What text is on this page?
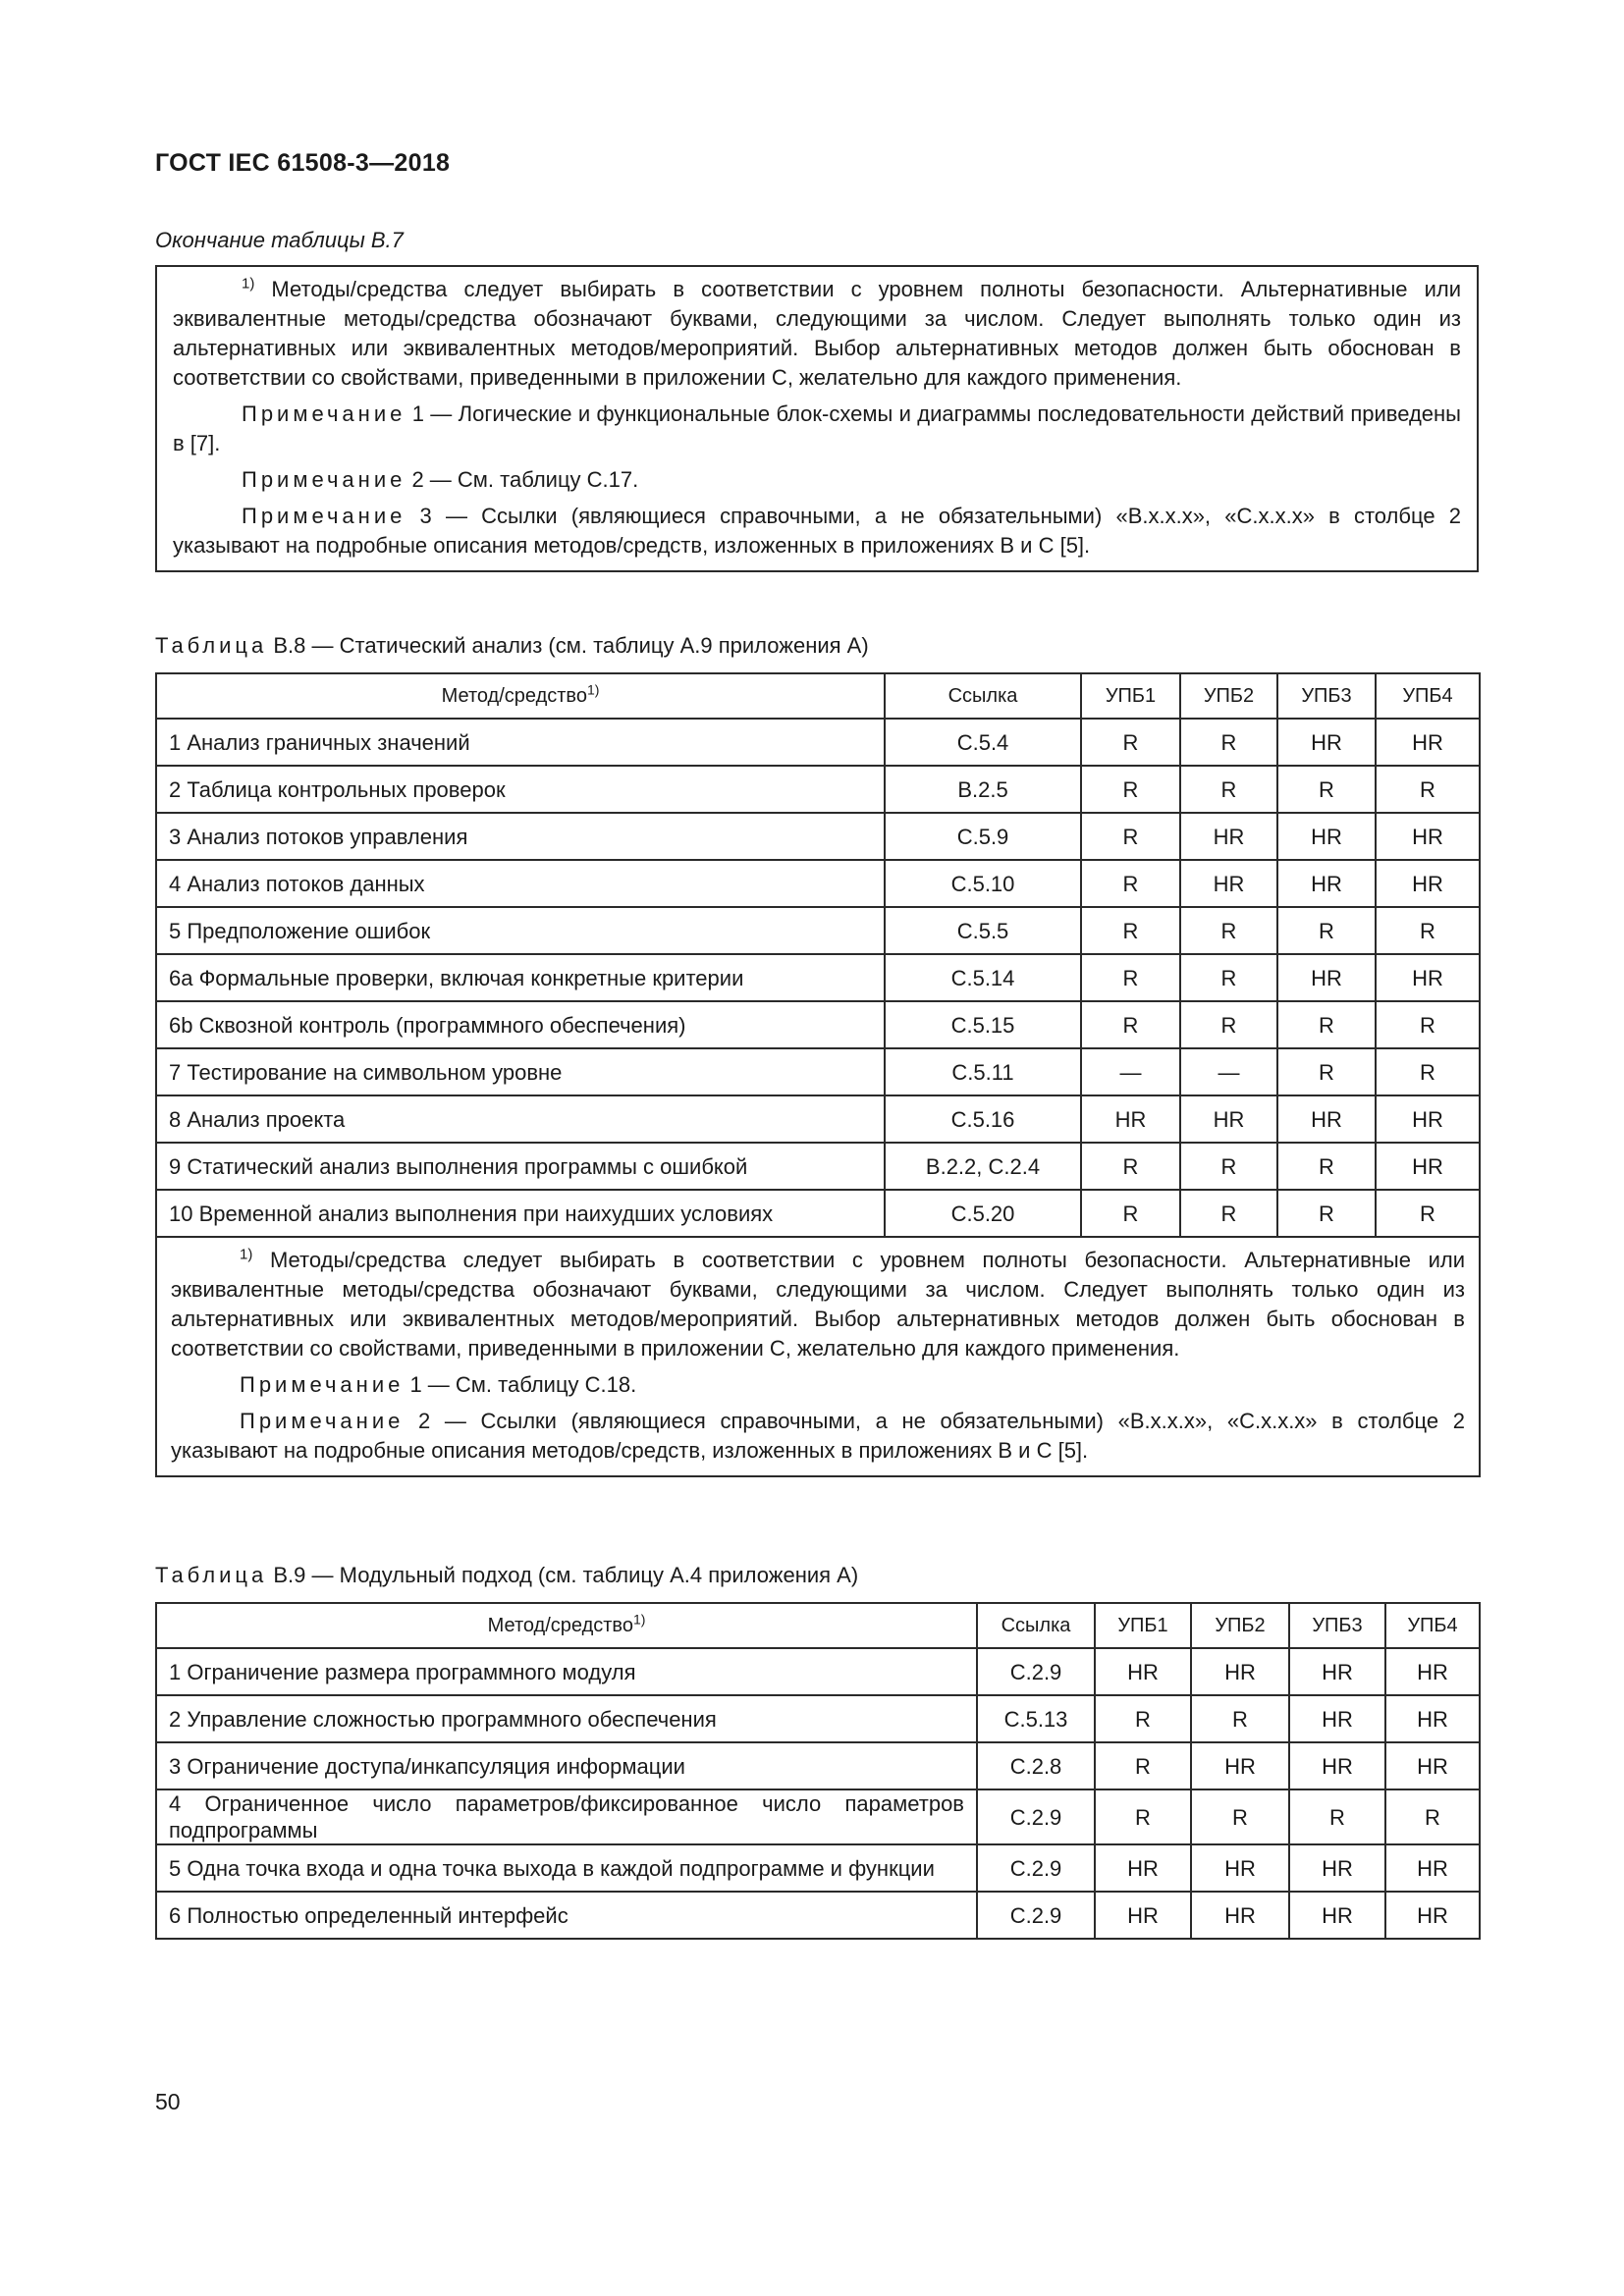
ГОСТ IEC 61508-3—2018
Окончание таблицы В.7

$^{1)}$ Методы/средства следует выбирать в соответствии с уровнем полноты безопасности. Альтернативные или эквивалентные методы/средства обозначают буквами, следующими за числом. Следует выполнять только один из альтернативных или эквивалентных методов/мероприятий. Выбор альтернативных методов должен быть обоснован в соответствии со свойствами, приведенными в приложении С, желательно для каждого применения.

Примечание 1 — Логические и функциональные блок-схемы и диаграммы последовательности действий приведены в [7].

Примечание 2 — См. таблицу С.17.

Примечание 3 — Ссылки (являющиеся справочными, а не обязательными) «В.х.х.х», «С.х.х.х» в столбце 2 указывают на подробные описания методов/средств, изложенных в приложениях В и С [5].

Таблица В.8 — Статический анализ (см. таблицу А.9 приложения А)
Метод/средство$^{1)}$	Ссылка	УПБ1	УПБ2	УПБ3	УПБ4
1 Анализ граничных значений	С.5.4	R	R	HR	HR
2 Таблица контрольных проверок	В.2.5	R	R	R	R
3 Анализ потоков управления	С.5.9	R	HR	HR	HR
4 Анализ потоков данных	С.5.10	R	HR	HR	HR
5 Предположение ошибок	С.5.5	R	R	R	R
6а Формальные проверки, включая конкретные критерии	С.5.14	R	R	HR	HR
6b Сквозной контроль (программного обеспечения)	С.5.15	R	R	R	R
7 Тестирование на символьном уровне	С.5.11	—	—	R	R
8 Анализ проекта	С.5.16	HR	HR	HR	HR
9 Статический анализ выполнения программы с ошибкой	В.2.2, С.2.4	R	R	R	HR
10 Временной анализ выполнения при наихудших условиях	С.5.20	R	R	R	R

$^{1)}$ Методы/средства следует выбирать в соответствии с уровнем полноты безопасности. Альтернативные или эквивалентные методы/средства обозначают буквами, следующими за числом. Следует выполнять только один из альтернативных или эквивалентных методов/мероприятий. Выбор альтернативных методов должен быть обоснован в соответствии со свойствами, приведенными в приложении С, желательно для каждого применения.

Примечание 1 — См. таблицу С.18.

Примечание 2 — Ссылки (являющиеся справочными, а не обязательными) «В.х.х.х», «С.х.х.х» в столбце 2 указывают на подробные описания методов/средств, изложенных в приложениях В и С [5].					

Таблица В.9 — Модульный подход (см. таблицу А.4 приложения А)
Метод/средство$^{1)}$	Ссылка	УПБ1	УПБ2	УПБ3	УПБ4
1 Ограничение размера программного модуля	С.2.9	HR	HR	HR	HR
2 Управление сложностью программного обеспечения	С.5.13	R	R	HR	HR
3 Ограничение доступа/инкапсуляция информации	С.2.8	R	HR	HR	HR
4 Ограниченное число параметров/фиксированное число параметров подпрограммы	С.2.9	R	R	R	R
5 Одна точка входа и одна точка выхода в каждой подпрограмме и функции	С.2.9	HR	HR	HR	HR
6 Полностью определенный интерфейс	С.2.9	HR	HR	HR	HR
50
